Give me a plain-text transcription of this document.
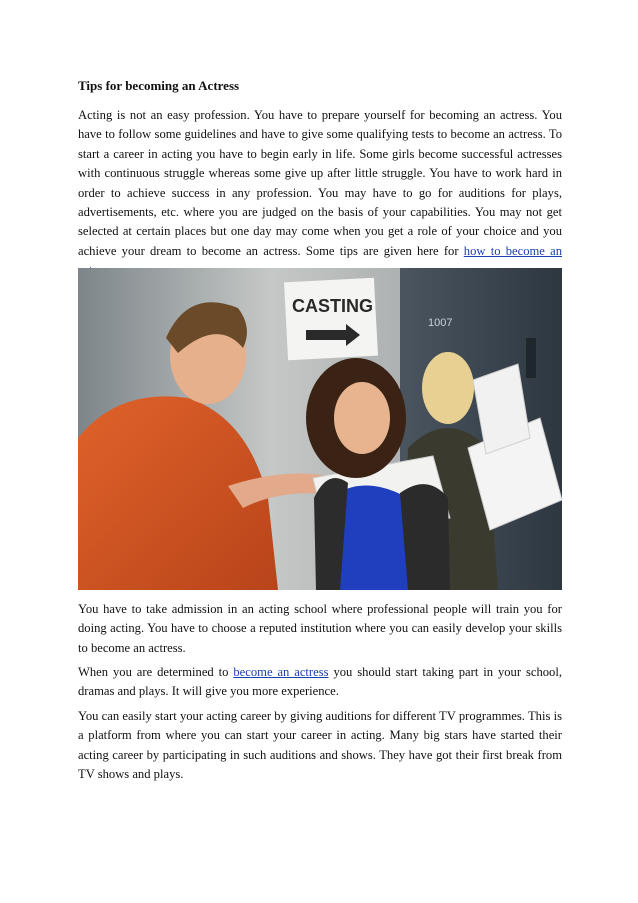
Tips for becoming an Actress

Acting is not an easy profession. You have to prepare yourself for becoming an actress. You have to follow some guidelines and have to give some qualifying tests to become an actress. To start a career in acting you have to begin early in life. Some girls become successful actresses with continuous struggle whereas some give up after little struggle. You have to work hard in order to achieve success in any profession. You may have to go for auditions for plays, advertisements, etc. where you are judged on the basis of your capabilities. You may not get selected at certain places but one day may come when you get a role of your choice and you achieve your dream to become an actress. Some tips are given here for how to become an

1007
CASTING

You have to take admission in an acting school where professional people will train you for doing acting. You have to choose a reputed institution where you can easily develop your skills to become an actress.

When you are determined to become an actress you should start taking part in your school, dramas and plays. It will give you more experience.

You can easily start your acting career by giving auditions for different TV programmes. This is a platform from where you can start your career in acting. Many big stars have started their acting career by participating in such auditions and shows. They have got their first break from TV shows and plays.
